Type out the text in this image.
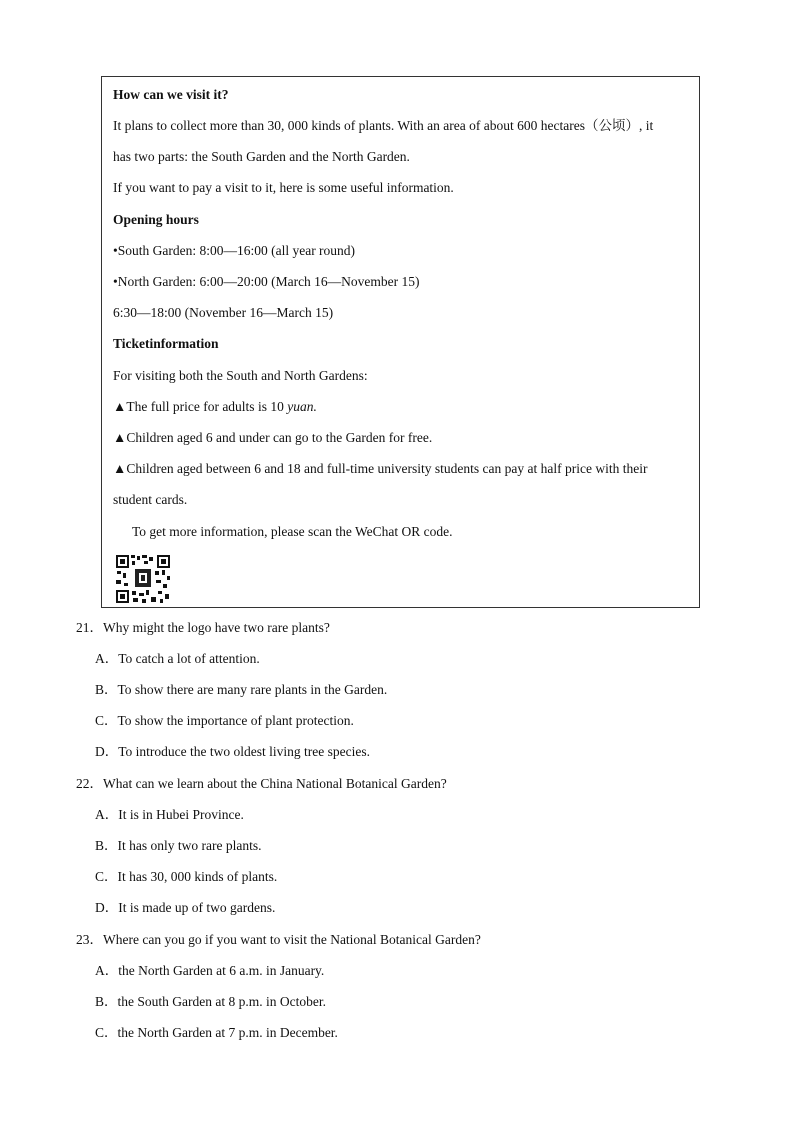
How can we visit it?
It plans to collect more than 30, 000 kinds of plants. With an area of about 600 hectares（公顷）, it
has two parts: the South Garden and the North Garden.
If you want to pay a visit to it, here is some useful information.
Opening hours
•South Garden: 8:00—16:00 (all year round)
•North Garden: 6:00—20:00 (March 16—November 15)
6:30—18:00 (November 16—March 15)
Ticketinformation
For visiting both the South and North Gardens:
▲The full price for adults is 10 yuan.
▲Children aged 6 and under can go to the Garden for free.
▲Children aged between 6 and 18 and full-time university students can pay at half price with their
student cards.
To get more information, please scan the WeChat OR code.
21．Why might the logo have two rare plants?
A．To catch a lot of attention.
B．To show there are many rare plants in the Garden.
C．To show the importance of plant protection.
D．To introduce the two oldest living tree species.
22．What can we learn about the China National Botanical Garden?
A．It is in Hubei Province.
B．It has only two rare plants.
C．It has 30, 000 kinds of plants.
D．It is made up of two gardens.
23．Where can you go if you want to visit the National Botanical Garden?
A．the North Garden at 6 a.m. in January.
B．the South Garden at 8 p.m. in October.
C．the North Garden at 7 p.m. in December.
